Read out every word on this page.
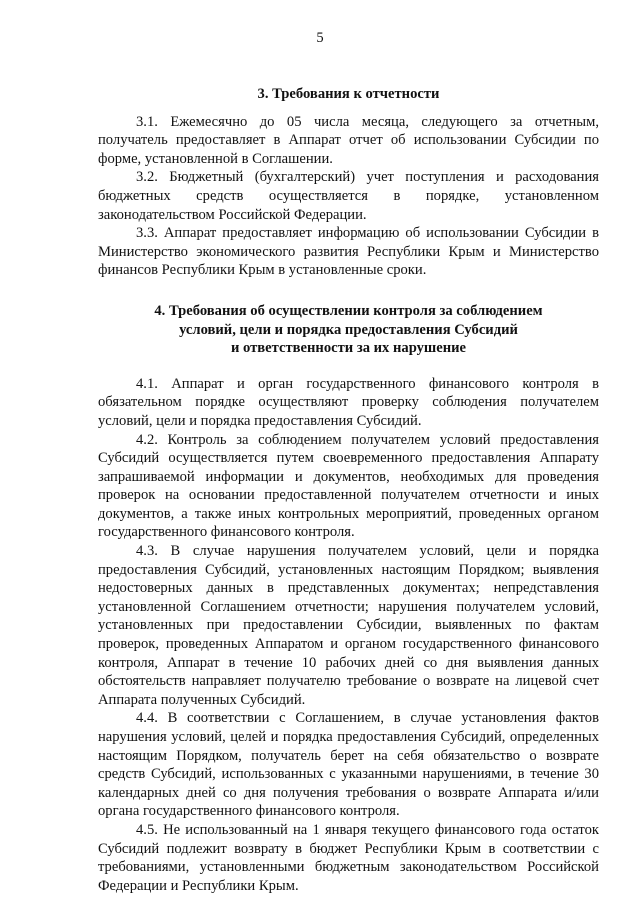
5

3. Требования к отчетности

3.1. Ежемесячно до 05 числа месяца, следующего за отчетным, получатель предоставляет в Аппарат отчет об использовании Субсидии по форме, установленной в Соглашении.

3.2. Бюджетный (бухгалтерский) учет поступления и расходования бюджетных средств осуществляется в порядке, установленном законодательством Российской Федерации.

3.3. Аппарат предоставляет информацию об использовании Субсидии в Министерство экономического развития Республики Крым и Министерство финансов Республики Крым в установленные сроки.

4. Требования об осуществлении контроля за соблюдением
условий, цели и порядка предоставления Субсидий
и ответственности за их нарушение

4.1. Аппарат и орган государственного финансового контроля в обязательном порядке осуществляют проверку соблюдения получателем условий, цели и порядка предоставления Субсидий.

4.2. Контроль за соблюдением получателем условий предоставления Субсидий осуществляется путем своевременного предоставления Аппарату запрашиваемой информации и документов, необходимых для проведения проверок на основании предоставленной получателем отчетности и иных документов, а также иных контрольных мероприятий, проведенных органом государственного финансового контроля.

4.3. В случае нарушения получателем условий, цели и порядка предоставления Субсидий, установленных настоящим Порядком; выявления недостоверных данных в представленных документах; непредставления установленной Соглашением отчетности; нарушения получателем условий, установленных при предоставлении Субсидии, выявленных по фактам проверок, проведенных Аппаратом и органом государственного финансового контроля, Аппарат в течение 10 рабочих дней со дня выявления данных обстоятельств направляет получателю требование о возврате на лицевой счет Аппарата полученных Субсидий.

4.4. В соответствии с Соглашением, в случае установления фактов нарушения условий, целей и порядка предоставления Субсидий, определенных настоящим Порядком, получатель берет на себя обязательство о возврате средств Субсидий, использованных с указанными нарушениями, в течение 30 календарных дней со дня получения требования о возврате Аппарата и/или органа государственного финансового контроля.

4.5. Не использованный на 1 января текущего финансового года остаток Субсидий подлежит возврату в бюджет Республики Крым в соответствии с требованиями, установленными бюджетным законодательством Российской Федерации и Республики Крым.
